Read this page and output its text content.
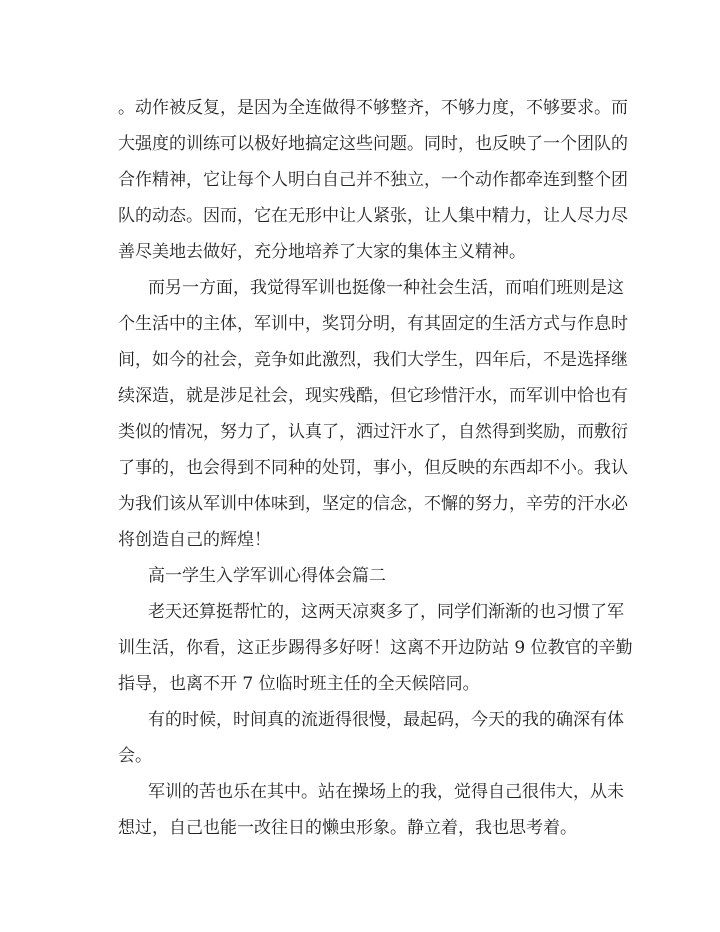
。动作被反复，是因为全连做得不够整齐，不够力度，不够要求。而
大强度的训练可以极好地搞定这些问题。同时，也反映了一个团队的
合作精神，它让每个人明白自己并不独立，一个动作都牵连到整个团
队的动态。因而，它在无形中让人紧张，让人集中精力，让人尽力尽
善尽美地去做好，充分地培养了大家的集体主义精神。
而另一方面，我觉得军训也挺像一种社会生活，而咱们班则是这
个生活中的主体，军训中，奖罚分明，有其固定的生活方式与作息时
间，如今的社会，竞争如此激烈，我们大学生，四年后，不是选择继
续深造，就是涉足社会，现实残酷，但它珍惜汗水，而军训中恰也有
类似的情况，努力了，认真了，洒过汗水了，自然得到奖励，而敷衍
了事的，也会得到不同种的处罚，事小，但反映的东西却不小。我认
为我们该从军训中体味到，坚定的信念，不懈的努力，辛劳的汗水必
将创造自己的辉煌！
高一学生入学军训心得体会篇二
老天还算挺帮忙的，这两天凉爽多了，同学们渐渐的也习惯了军
训生活，你看，这正步踢得多好呀！这离不开边防站 9 位教官的辛勤
指导，也离不开 7 位临时班主任的全天候陪同。
有的时候，时间真的流逝得很慢，最起码，今天的我的确深有体
会。
军训的苦也乐在其中。站在操场上的我，觉得自己很伟大，从未
想过，自己也能一改往日的懒虫形象。静立着，我也思考着。
